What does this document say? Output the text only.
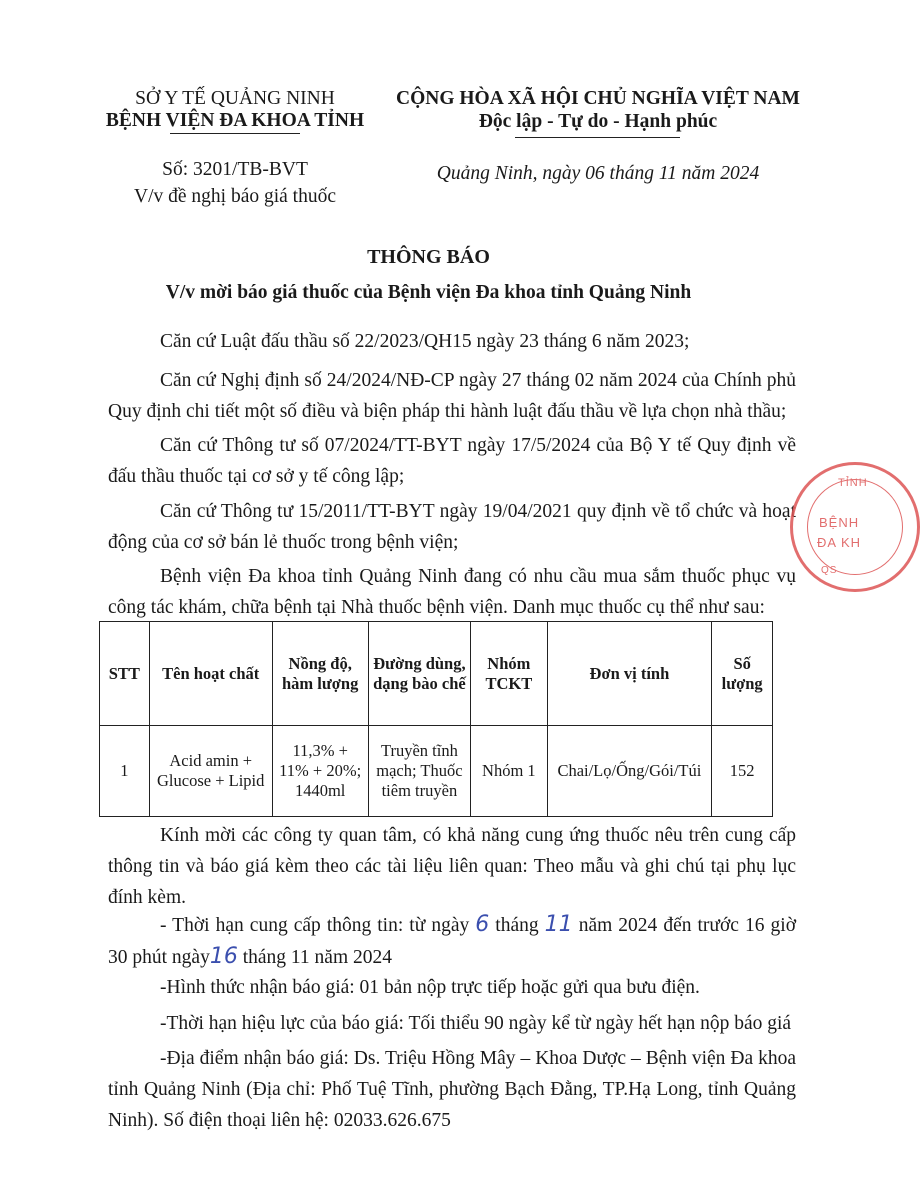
SỞ Y TẾ QUẢNG NINH
BỆNH VIỆN ĐA KHOA TỈNH
Số: 3201/TB-BVT
V/v đề nghị báo giá thuốc
CỘNG HÒA XÃ HỘI CHỦ NGHĨA VIỆT NAM
Độc lập - Tự do - Hạnh phúc
Quảng Ninh, ngày 06 tháng 11 năm 2024
THÔNG BÁO
V/v mời báo giá thuốc của Bệnh viện Đa khoa tỉnh Quảng Ninh
Căn cứ Luật đấu thầu số 22/2023/QH15 ngày 23 tháng 6 năm 2023;
Căn cứ Nghị định số 24/2024/NĐ-CP ngày 27 tháng 02 năm 2024 của Chính phủ Quy định chi tiết một số điều và biện pháp thi hành luật đấu thầu về lựa chọn nhà thầu;
Căn cứ Thông tư số 07/2024/TT-BYT ngày 17/5/2024 của Bộ Y tế Quy định về đấu thầu thuốc tại cơ sở y tế công lập;
Căn cứ Thông tư 15/2011/TT-BYT ngày 19/04/2021 quy định về tổ chức và hoạt động của cơ sở bán lẻ thuốc trong bệnh viện;
Bệnh viện Đa khoa tỉnh Quảng Ninh đang có nhu cầu mua sắm thuốc phục vụ công tác khám, chữa bệnh tại Nhà thuốc bệnh viện. Danh mục thuốc cụ thể như sau:
STT	Tên hoạt chất	Nồng độ, hàm lượng	Đường dùng, dạng bào chế	Nhóm TCKT	Đơn vị tính	Số lượng
1	Acid amin + Glucose + Lipid	11,3% + 11% + 20%; 1440ml	Truyền tĩnh mạch; Thuốc tiêm truyền	Nhóm 1	Chai/Lọ/Ống/Gói/Túi	152
Kính mời các công ty quan tâm, có khả năng cung ứng thuốc nêu trên cung cấp thông tin và báo giá kèm theo các tài liệu liên quan: Theo mẫu và ghi chú tại phụ lục đính kèm.
- Thời hạn cung cấp thông tin: từ ngày 6 tháng 11 năm 2024 đến trước 16 giờ 30 phút ngày16 tháng 11 năm 2024
-Hình thức nhận báo giá: 01 bản nộp trực tiếp hoặc gửi qua bưu điện.
-Thời hạn hiệu lực của báo giá: Tối thiểu 90 ngày kể từ ngày hết hạn nộp báo giá
-Địa điểm nhận báo giá: Ds. Triệu Hồng Mây – Khoa Dược – Bệnh viện Đa khoa tỉnh Quảng Ninh (Địa chỉ: Phố Tuệ Tĩnh, phường Bạch Đằng, TP.Hạ Long, tỉnh Quảng Ninh). Số điện thoại liên hệ: 02033.626.675
TỈNH
BỆNH
ĐA KH
QS
